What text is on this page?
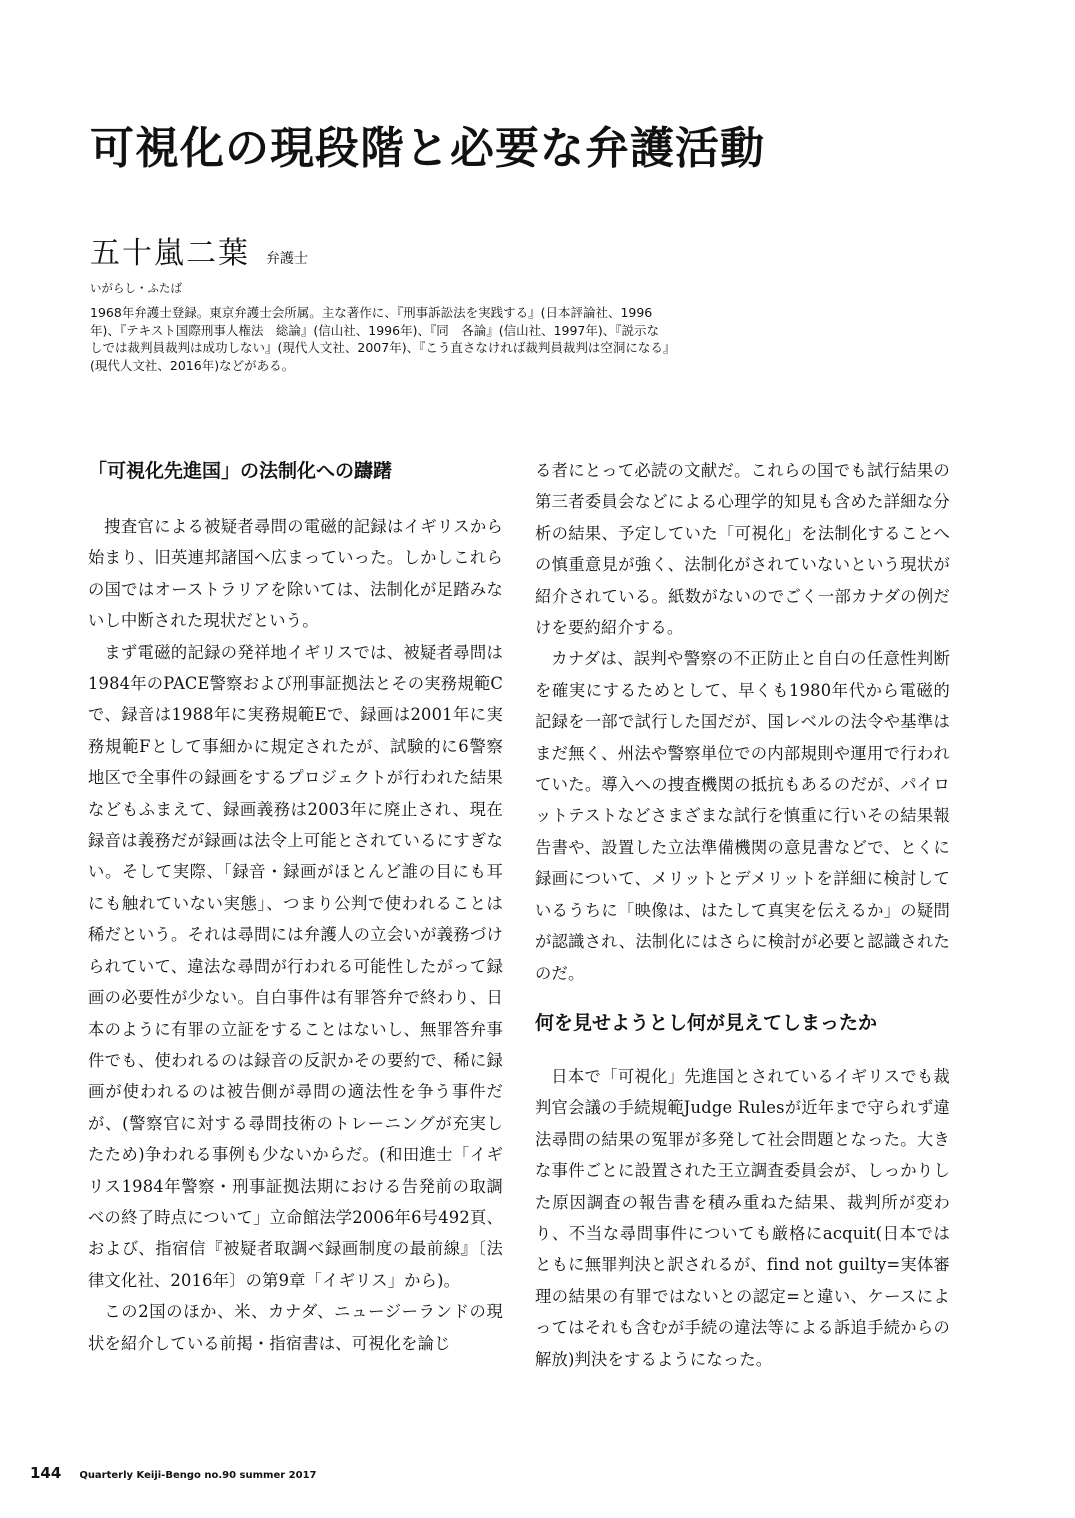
可視化の現段階と必要な弁護活動
五十嵐二葉 弁護士

いがらし・ふたば

1968年弁護士登録。東京弁護士会所属。主な著作に、『刑事訴訟法を実践する』(日本評論社、1996年)、『テキスト国際刑事人権法　総論』(信山社、1996年)、『同　各論』(信山社、1997年)、『説示なしでは裁判員裁判は成功しない』(現代人文社、2007年)、『こう直さなければ裁判員裁判は空洞になる』(現代人文社、2016年)などがある。

「可視化先進国」の法制化への躊躇

捜査官による被疑者尋問の電磁的記録はイギリスから始まり、旧英連邦諸国へ広まっていった。しかしこれらの国ではオーストラリアを除いては、法制化が足踏みないし中断された現状だという。

まず電磁的記録の発祥地イギリスでは、被疑者尋問は1984年のPACE警察および刑事証拠法とその実務規範Cで、録音は1988年に実務規範Eで、録画は2001年に実務規範Fとして事細かに規定されたが、試験的に6警察地区で全事件の録画をするプロジェクトが行われた結果などもふまえて、録画義務は2003年に廃止され、現在録音は義務だが録画は法令上可能とされているにすぎない。そして実際、「録音・録画がほとんど誰の目にも耳にも触れていない実態」、つまり公判で使われることは稀だという。それは尋問には弁護人の立会いが義務づけられていて、違法な尋問が行われる可能性したがって録画の必要性が少ない。自白事件は有罪答弁で終わり、日本のように有罪の立証をすることはないし、無罪答弁事件でも、使われるのは録音の反訳かその要約で、稀に録画が使われるのは被告側が尋問の適法性を争う事件だが、(警察官に対する尋問技術のトレーニングが充実したため)争われる事例も少ないからだ。(和田進士「イギリス1984年警察・刑事証拠法期における告発前の取調べの終了時点について」立命館法学2006年6号492頁、および、指宿信『被疑者取調べ録画制度の最前線』〔法律文化社、2016年〕の第9章「イギリス」から)。

この2国のほか、米、カナダ、ニュージーランドの現状を紹介している前掲・指宿書は、可視化を論じ

る者にとって必読の文献だ。これらの国でも試行結果の第三者委員会などによる心理学的知見も含めた詳細な分析の結果、予定していた「可視化」を法制化することへの慎重意見が強く、法制化がされていないという現状が紹介されている。紙数がないのでごく一部カナダの例だけを要約紹介する。

カナダは、誤判や警察の不正防止と自白の任意性判断を確実にするためとして、早くも1980年代から電磁的記録を一部で試行した国だが、国レベルの法令や基準はまだ無く、州法や警察単位での内部規則や運用で行われていた。導入への捜査機関の抵抗もあるのだが、パイロットテストなどさまざまな試行を慎重に行いその結果報告書や、設置した立法準備機関の意見書などで、とくに録画について、メリットとデメリットを詳細に検討しているうちに「映像は、はたして真実を伝えるか」の疑問が認識され、法制化にはさらに検討が必要と認識されたのだ。

何を見せようとし何が見えてしまったか

日本で「可視化」先進国とされているイギリスでも裁判官会議の手続規範Judge Rulesが近年まで守られず違法尋問の結果の冤罪が多発して社会問題となった。大きな事件ごとに設置された王立調査委員会が、しっかりした原因調査の報告書を積み重ねた結果、裁判所が変わり、不当な尋問事件についても厳格にacquit(日本ではともに無罪判決と訳されるが、find not guilty=実体審理の結果の有罪ではないとの認定=と違い、ケースによってはそれも含むが手続の違法等による訴追手続からの解放)判決をするようになった。

144 Quarterly Keiji-Bengo no.90 summer 2017
